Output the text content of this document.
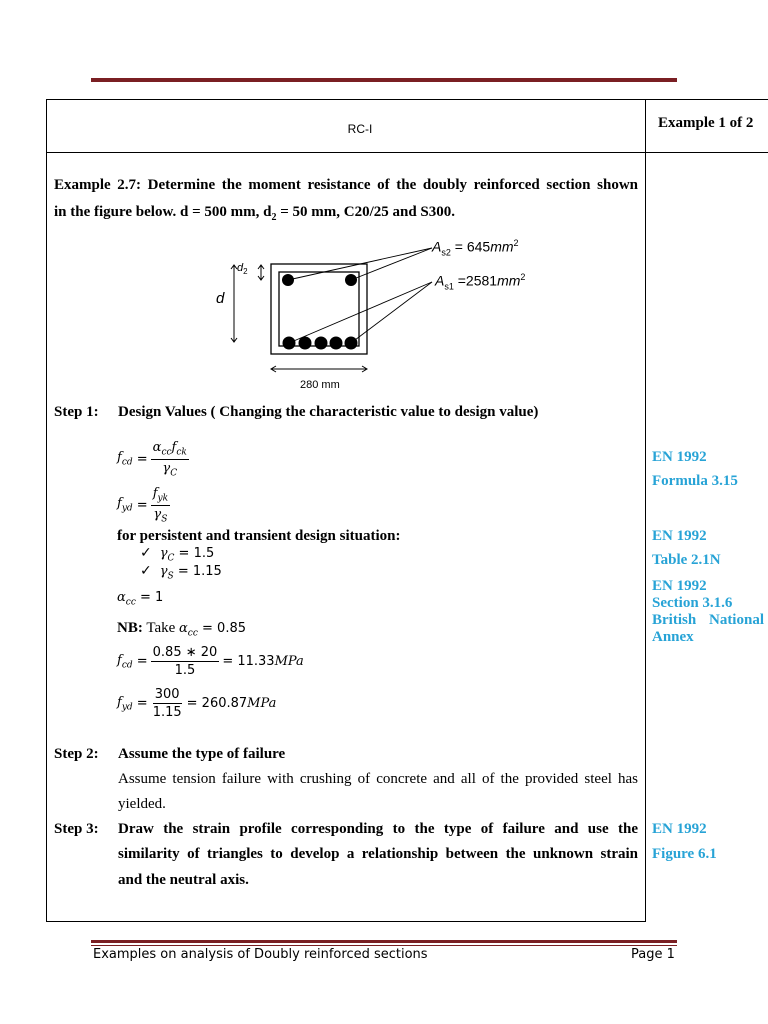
RC-I	Example 1 of 2
Example 2.7: Determine the moment resistance of the doubly reinforced section shown
in the figure below. d = 500 mm, $d_2 = 50$ mm, C20/25 and S300.
$A_{s2} = 645mm^2$
$A_{s1} =2581mm^2$
$d_2$
d
280 mm
Step 1: Design Values ( Changing the characteristic value to design value)
$f_{cd} = \frac{\alpha_{cc}f_{ck}}{\gamma_C}$
$f_{yd} = \frac{f_{yk}}{\gamma_S}$
for persistent and transient design situation:
✓ $\gamma_C = 1.5$
✓ $\gamma_S = 1.15$
$\alpha_{cc} = 1$
NB: Take $\alpha_{cc} = 0.85$
$f_{cd} = \frac{0.85 ∗ 20}{1.5} = 11.33$ MPa
$f_{yd} = \frac{300}{1.15} = 260.87$ MPa
Step 2: Assume the type of failure
Assume tension failure with crushing of concrete and all of the provided steel has
yielded.
Step 3: Draw the strain profile corresponding to the type of failure and use the
similarity of triangles to develop a relationship between the unknown strain
and the neutral axis.
EN 1992
Formula 3.15
EN 1992
Table 2.1N
EN 1992
Section 3.1.6
British National
Annex
EN 1992
Figure 6.1
Examples on analysis of Doubly reinforced sections	Page 1
